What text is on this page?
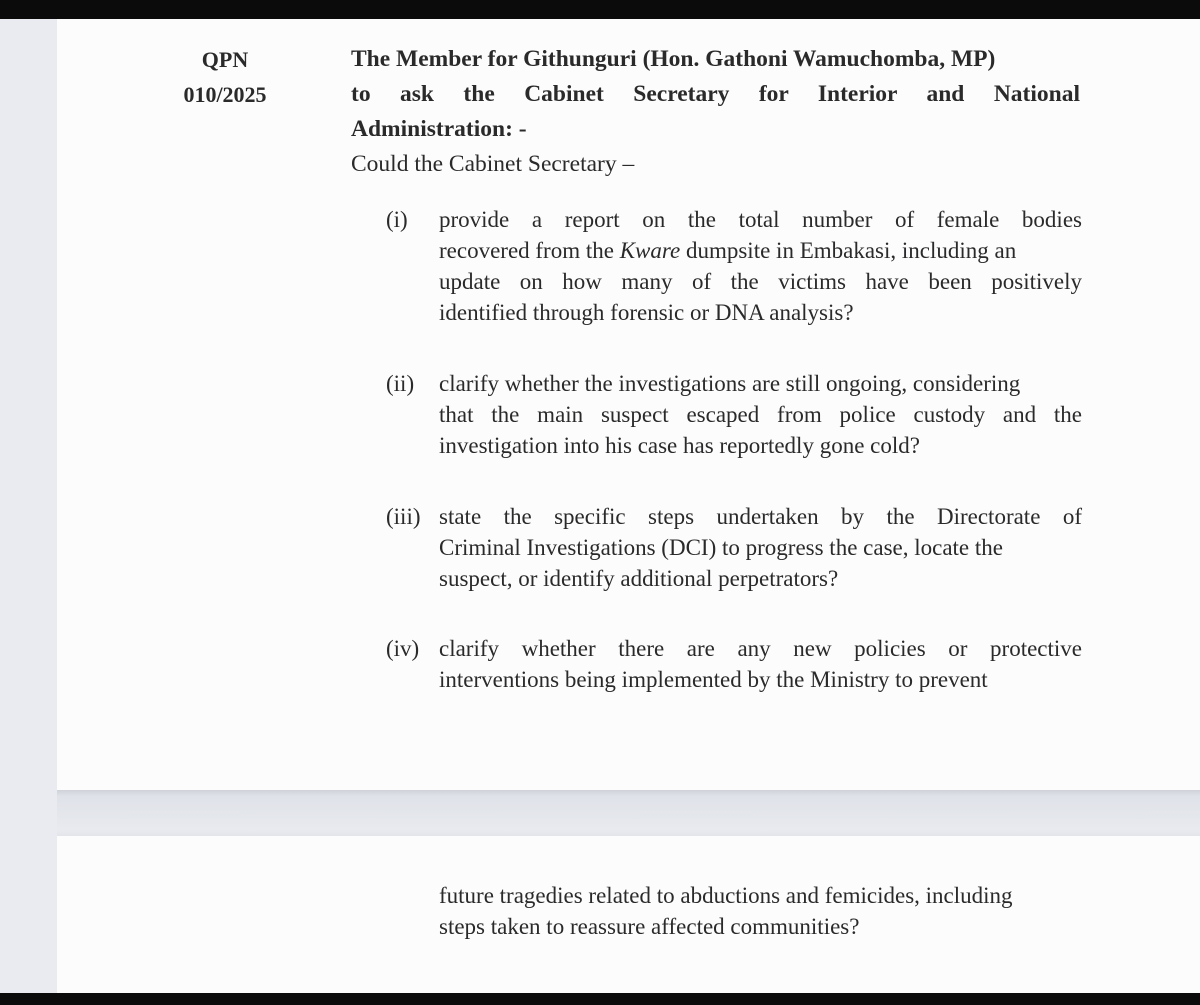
QPN
010/2025
The Member for Githunguri (Hon. Gathoni Wamuchomba, MP)
to ask the Cabinet Secretary for Interior and National
Administration: -
Could the Cabinet Secretary –
(i) provide a report on the total number of female bodies
recovered from the Kware dumpsite in Embakasi, including an
update on how many of the victims have been positively
identified through forensic or DNA analysis?
(ii) clarify whether the investigations are still ongoing, considering
that the main suspect escaped from police custody and the
investigation into his case has reportedly gone cold?
(iii) state the specific steps undertaken by the Directorate of
Criminal Investigations (DCI) to progress the case, locate the
suspect, or identify additional perpetrators?
(iv) clarify whether there are any new policies or protective
interventions being implemented by the Ministry to prevent
future tragedies related to abductions and femicides, including
steps taken to reassure affected communities?
